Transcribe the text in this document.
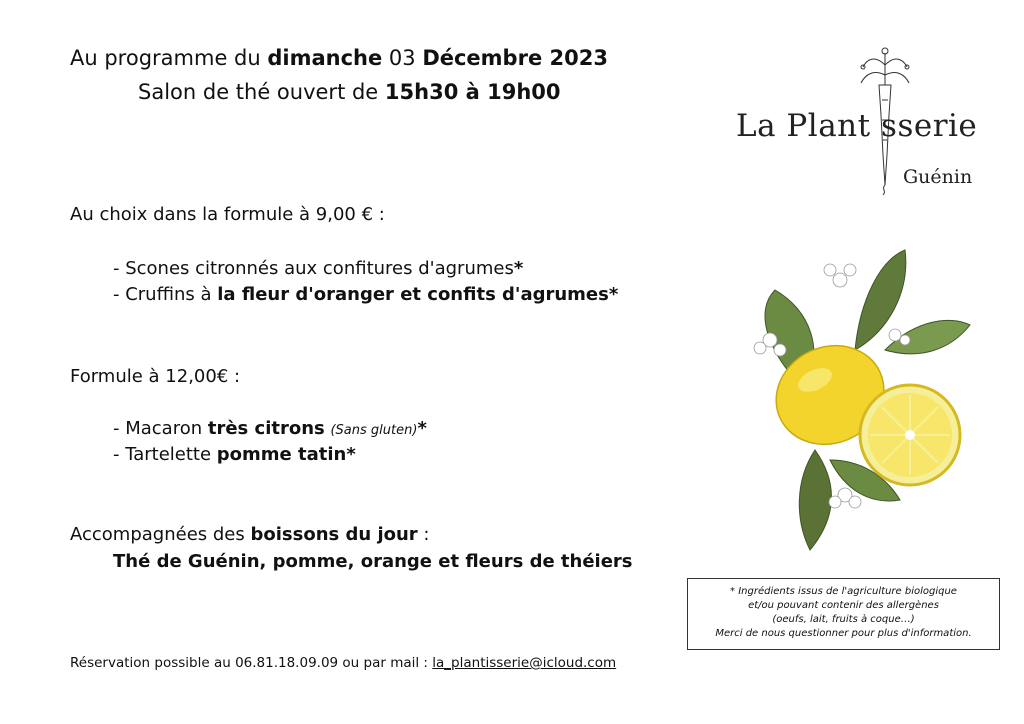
Au programme du dimanche 03 Décembre 2023
Salon de thé ouvert de 15h30 à 19h00
La Plantisserie
Guénin
Au choix dans la formule à 9,00 € :
- Scones citronnés aux confitures d'agrumes*
- Cruffins à la fleur d'oranger et confits d'agrumes*
Formule à 12,00€ :
- Macaron très citrons (Sans gluten)*
- Tartelette pomme tatin*
Accompagnées des boissons du jour :
Thé de Guénin, pomme, orange et fleurs de théiers
* Ingrédients issus de l'agriculture biologique
et/ou pouvant contenir des allergènes
(oeufs, lait, fruits à coque…)
Merci de nous questionner pour plus d'information.
Réservation possible au 06.81.18.09.09 ou par mail : la_plantisserie@icloud.com
